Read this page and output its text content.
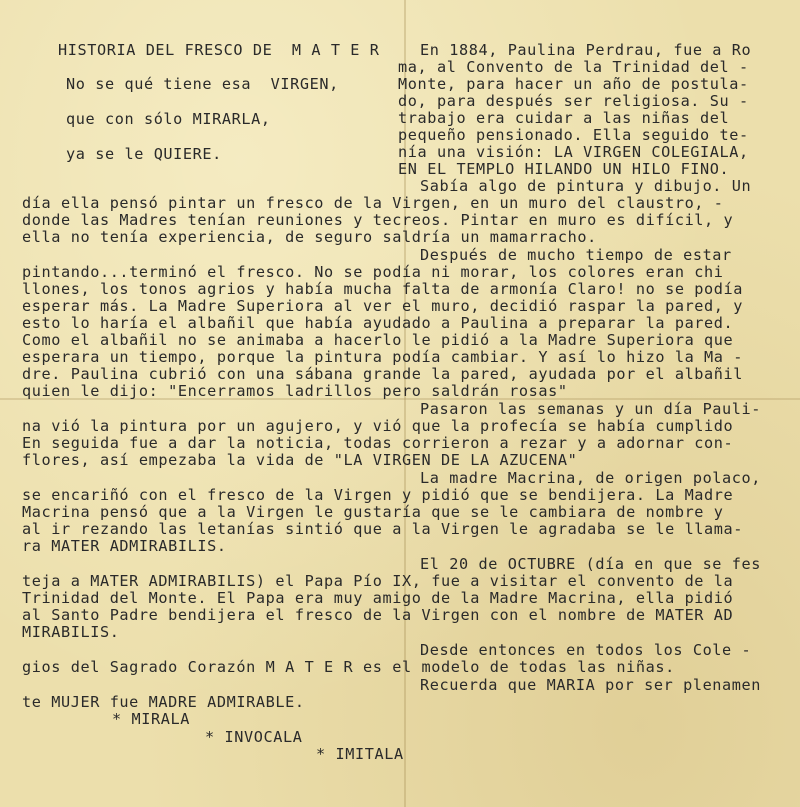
HISTORIA DEL FRESCO DE  M A T E R
No se qué tiene esa  VIRGEN,
que con sólo MIRARLA,
ya se le QUIERE.
En 1884, Paulina Perdrau, fue a Ro
ma, al Convento de la Trinidad del -
Monte, para hacer un año de postula-
do, para después ser religiosa. Su -
trabajo era cuidar a las niñas del
pequeño pensionado. Ella seguido te-
nía una visión: LA VIRGEN COLEGIALA,
EN EL TEMPLO HILANDO UN HILO FINO.
Sabía algo de pintura y dibujo. Un
día ella pensó pintar un fresco de la Virgen, en un muro del claustro, -
donde las Madres tenían reuniones y tecreos. Pintar en muro es difícil, y
ella no tenía experiencia, de seguro saldría un mamarracho.
Después de mucho tiempo de estar
pintando...terminó el fresco. No se podía ni morar, los colores eran chi
llones, los tonos agrios y había mucha falta de armonía Claro! no se podía
esperar más. La Madre Superiora al ver el muro, decidió raspar la pared, y
esto lo haría el albañil que había ayudado a Paulina a preparar la pared.
Como el albañil no se animaba a hacerlo le pidió a la Madre Superiora que
esperara un tiempo, porque la pintura podía cambiar. Y así lo hizo la Ma -
dre. Paulina cubrió con una sábana grande la pared, ayudada por el albañil
quien le dijo: "Encerramos ladrillos pero saldrán rosas"
Pasaron las semanas y un día Pauli-
na vió la pintura por un agujero, y vió que la profecía se había cumplido
En seguida fue a dar la noticia, todas corrieron a rezar y a adornar con-
flores, así empezaba la vida de "LA VIRGEN DE LA AZUCENA"
La madre Macrina, de origen polaco,
se encariñó con el fresco de la Virgen y pidió que se bendijera. La Madre
Macrina pensó que a la Virgen le gustaría que se le cambiara de nombre y
al ir rezando las letanías sintió que a la Virgen le agradaba se le llama-
ra MATER ADMIRABILIS.
El 20 de OCTUBRE (día en que se fes
teja a MATER ADMIRABILIS) el Papa Pío IX, fue a visitar el convento de la
Trinidad del Monte. El Papa era muy amigo de la Madre Macrina, ella pidió
al Santo Padre bendijera el fresco de la Virgen con el nombre de MATER AD
MIRABILIS.
Desde entonces en todos los Cole -
gios del Sagrado Corazón M A T E R es el modelo de todas las niñas.
Recuerda que MARIA por ser plenamen
te MUJER fue MADRE ADMIRABLE.
* MIRALA
* INVOCALA
* IMITALA
